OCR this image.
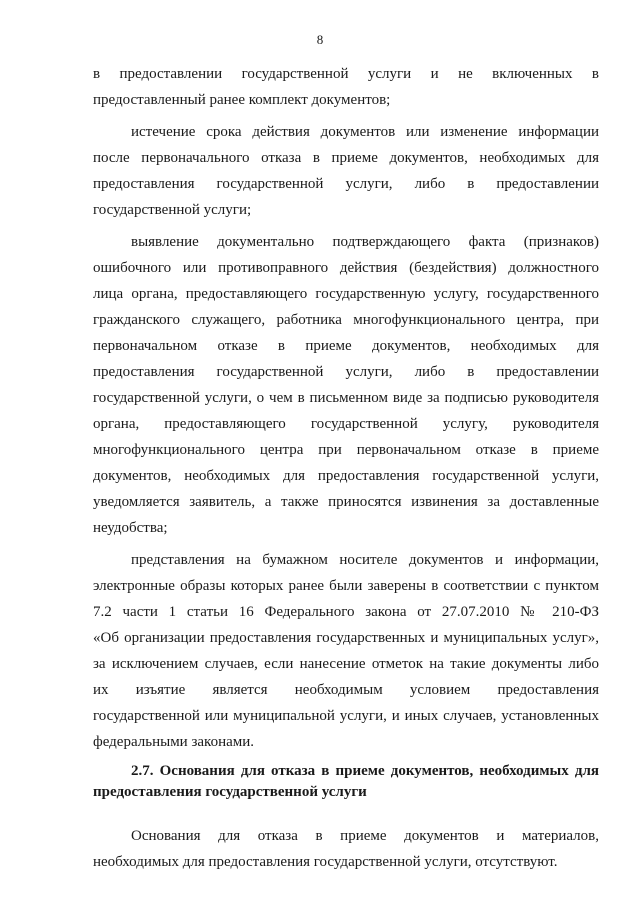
8
в предоставлении государственной услуги и не включенных в
предоставленный ранее комплект документов;
истечение срока действия документов или изменение информации
после первоначального отказа в приеме документов, необходимых для
предоставления государственной услуги, либо в предоставлении
государственной услуги;
выявление документально подтверждающего факта (признаков)
ошибочного или противоправного действия (бездействия) должностного
лица органа, предоставляющего государственную услугу, государственного
гражданского служащего, работника многофункционального центра, при
первоначальном отказе в приеме документов, необходимых для
предоставления государственной услуги, либо в предоставлении
государственной услуги, о чем в письменном виде за подписью руководителя
органа, предоставляющего государственной услугу, руководителя
многофункционального центра при первоначальном отказе в приеме
документов, необходимых для предоставления государственной услуги,
уведомляется заявитель, а также приносятся извинения за доставленные
неудобства;
представления на бумажном носителе документов и информации,
электронные образы которых ранее были заверены в соответствии с пунктом
7.2 части 1 статьи 16 Федерального закона от 27.07.2010 № 210-ФЗ
«Об организации предоставления государственных и муниципальных услуг»,
за исключением случаев, если нанесение отметок на такие документы либо
их изъятие является необходимым условием предоставления
государственной или муниципальной услуги, и иных случаев, установленных
федеральными законами.
2.7. Основания для отказа в приеме документов, необходимых для
предоставления государственной услуги
Основания для отказа в приеме документов и материалов,
необходимых для предоставления государственной услуги, отсутствуют.
